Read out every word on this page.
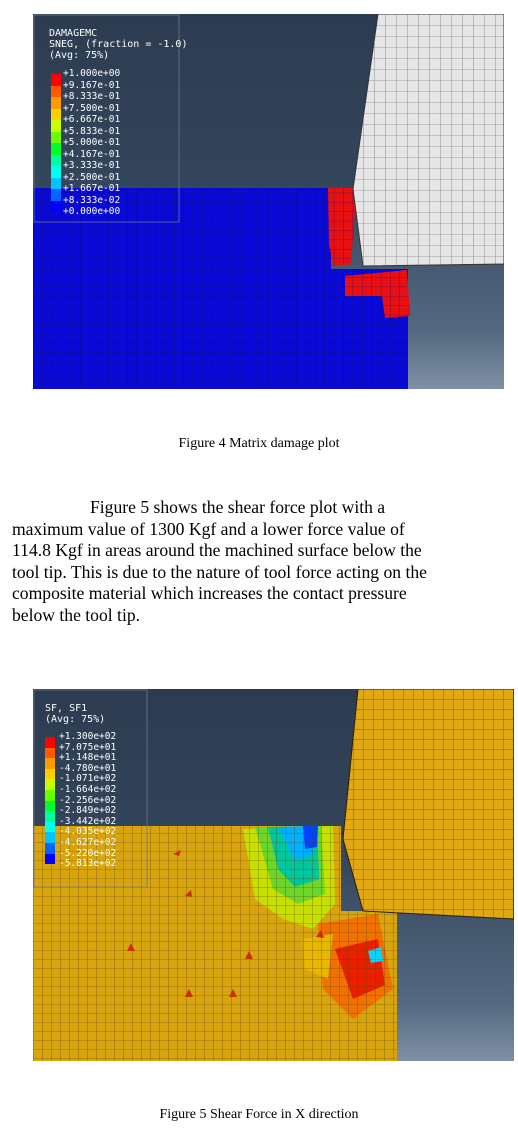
DAMAGEMC
SNEG, (fraction = -1.0)
(Avg: 75%)
+1.000e+00
+9.167e-01
+8.333e-01
+7.500e-01
+6.667e-01
+5.833e-01
+5.000e-01
+4.167e-01
+3.333e-01
+2.500e-01
+1.667e-01
+8.333e-02
+0.000e+00
Figure 4 Matrix damage plot
Figure 5 shows the shear force plot with a
maximum value of 1300 Kgf and a lower force value of
114.8 Kgf in areas around the machined surface below the
tool tip. This is due to the nature of tool force acting on the
composite material which increases the contact pressure
below the tool tip.
SF, SF1
(Avg: 75%)
+1.300e+02
+7.075e+01
+1.148e+01
-4.780e+01
-1.071e+02
-1.664e+02
-2.256e+02
-2.849e+02
-3.442e+02
-4.035e+02
-4.627e+02
-5.220e+02
-5.813e+02
Figure 5 Shear Force in X direction
